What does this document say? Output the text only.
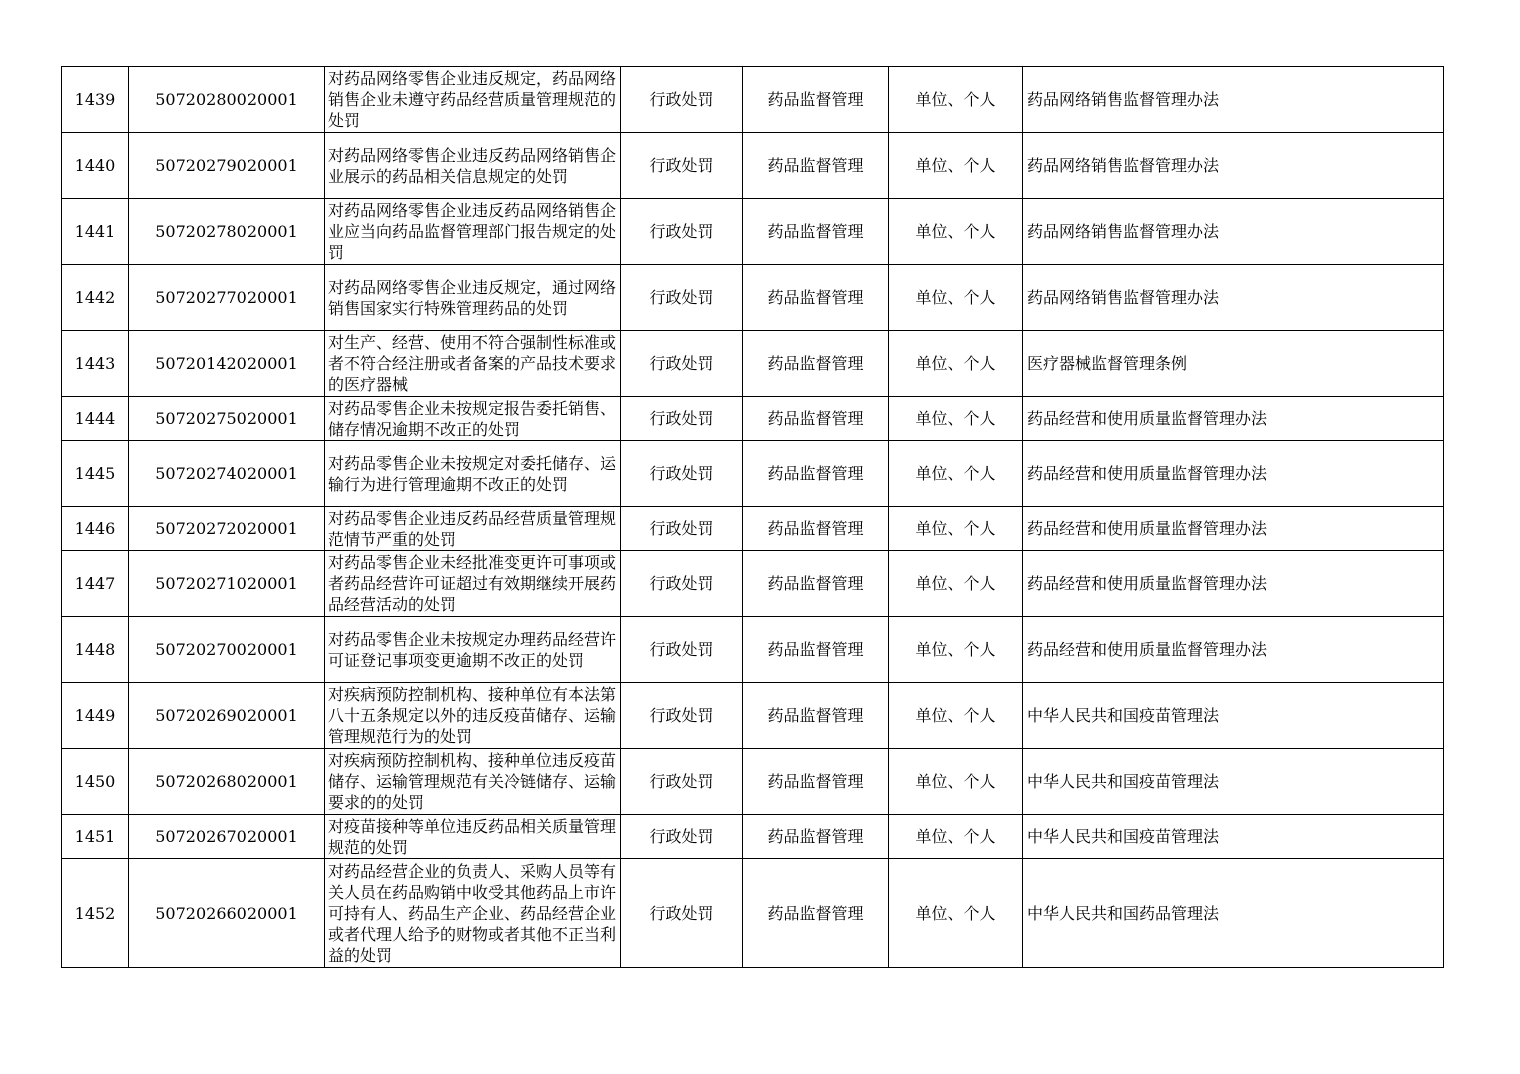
1439	50720280020001	对药品网络零售企业违反规定，药品网络销售企业未遵守药品经营质量管理规范的处罚	行政处罚	药品监督管理	单位、个人	药品网络销售监督管理办法
1440	50720279020001	对药品网络零售企业违反药品网络销售企业展示的药品相关信息规定的处罚	行政处罚	药品监督管理	单位、个人	药品网络销售监督管理办法
1441	50720278020001	对药品网络零售企业违反药品网络销售企业应当向药品监督管理部门报告规定的处罚	行政处罚	药品监督管理	单位、个人	药品网络销售监督管理办法
1442	50720277020001	对药品网络零售企业违反规定，通过网络销售国家实行特殊管理药品的处罚	行政处罚	药品监督管理	单位、个人	药品网络销售监督管理办法
1443	50720142020001	对生产、经营、使用不符合强制性标准或者不符合经注册或者备案的产品技术要求的医疗器械	行政处罚	药品监督管理	单位、个人	医疗器械监督管理条例
1444	50720275020001	对药品零售企业未按规定报告委托销售、储存情况逾期不改正的处罚	行政处罚	药品监督管理	单位、个人	药品经营和使用质量监督管理办法
1445	50720274020001	对药品零售企业未按规定对委托储存、运输行为进行管理逾期不改正的处罚	行政处罚	药品监督管理	单位、个人	药品经营和使用质量监督管理办法
1446	50720272020001	对药品零售企业违反药品经营质量管理规范情节严重的处罚	行政处罚	药品监督管理	单位、个人	药品经营和使用质量监督管理办法
1447	50720271020001	对药品零售企业未经批准变更许可事项或者药品经营许可证超过有效期继续开展药品经营活动的处罚	行政处罚	药品监督管理	单位、个人	药品经营和使用质量监督管理办法
1448	50720270020001	对药品零售企业未按规定办理药品经营许可证登记事项变更逾期不改正的处罚	行政处罚	药品监督管理	单位、个人	药品经营和使用质量监督管理办法
1449	50720269020001	对疾病预防控制机构、接种单位有本法第八十五条规定以外的违反疫苗储存、运输管理规范行为的处罚	行政处罚	药品监督管理	单位、个人	中华人民共和国疫苗管理法
1450	50720268020001	对疾病预防控制机构、接种单位违反疫苗储存、运输管理规范有关冷链储存、运输要求的的处罚	行政处罚	药品监督管理	单位、个人	中华人民共和国疫苗管理法
1451	50720267020001	对疫苗接种等单位违反药品相关质量管理规范的处罚	行政处罚	药品监督管理	单位、个人	中华人民共和国疫苗管理法
1452	50720266020001	对药品经营企业的负责人、采购人员等有关人员在药品购销中收受其他药品上市许可持有人、药品生产企业、药品经营企业或者代理人给予的财物或者其他不正当利益的处罚	行政处罚	药品监督管理	单位、个人	中华人民共和国药品管理法
